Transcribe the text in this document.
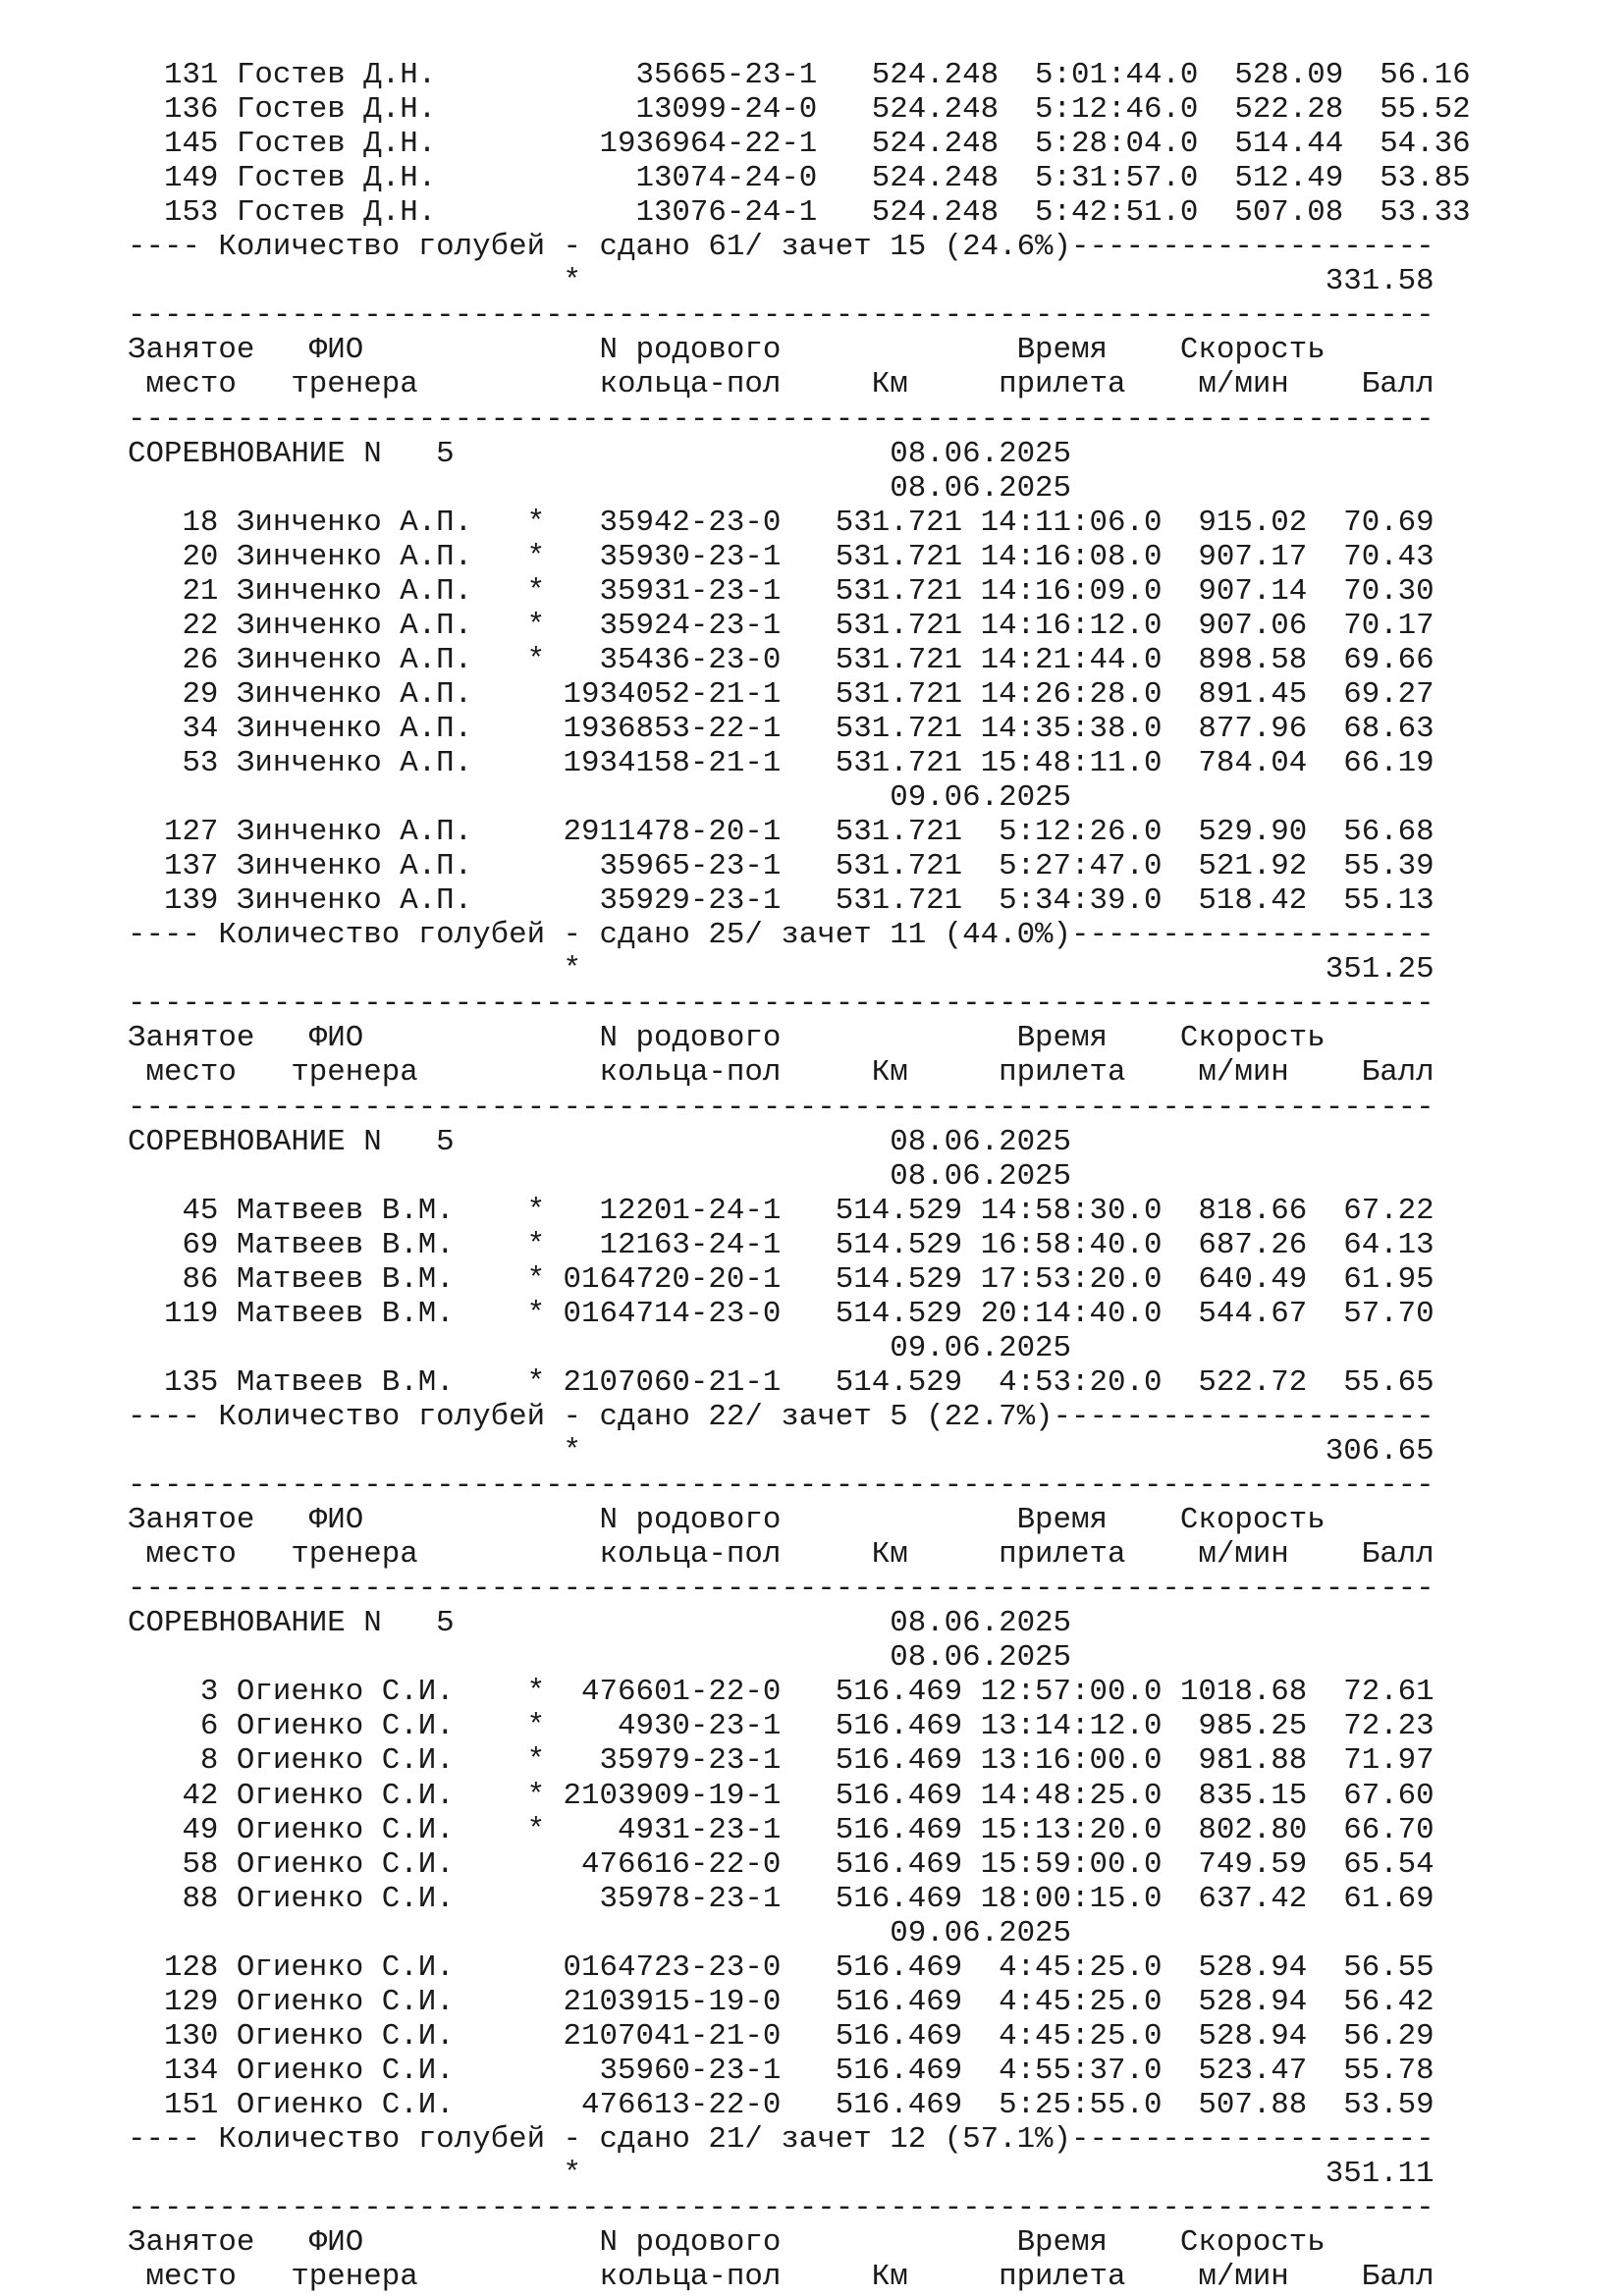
131 Гостев Д.Н.           35665-23-1   524.248  5:01:44.0  528.09  56.16
136 Гостев Д.Н.           13099-24-0   524.248  5:12:46.0  522.28  55.52
145 Гостев Д.Н.         1936964-22-1   524.248  5:28:04.0  514.44  54.36
149 Гостев Д.Н.           13074-24-0   524.248  5:31:57.0  512.49  53.85
153 Гостев Д.Н.           13076-24-1   524.248  5:42:51.0  507.08  53.33
---- Количество голубей - сдано 61/ зачет 15 (24.6%)--------------------
*                                         331.58
------------------------------------------------------------------------
Занятое   ФИО             N родового             Время    Скорость
место   тренера          кольца-пол     Км     прилета    м/мин    Балл
------------------------------------------------------------------------
СОРЕВНОВАНИЕ N   5                        08.06.2025
08.06.2025
18 Зинченко А.П.   *   35942-23-0   531.721 14:11:06.0  915.02  70.69
20 Зинченко А.П.   *   35930-23-1   531.721 14:16:08.0  907.17  70.43
21 Зинченко А.П.   *   35931-23-1   531.721 14:16:09.0  907.14  70.30
22 Зинченко А.П.   *   35924-23-1   531.721 14:16:12.0  907.06  70.17
26 Зинченко А.П.   *   35436-23-0   531.721 14:21:44.0  898.58  69.66
29 Зинченко А.П.     1934052-21-1   531.721 14:26:28.0  891.45  69.27
34 Зинченко А.П.     1936853-22-1   531.721 14:35:38.0  877.96  68.63
53 Зинченко А.П.     1934158-21-1   531.721 15:48:11.0  784.04  66.19
09.06.2025
127 Зинченко А.П.     2911478-20-1   531.721  5:12:26.0  529.90  56.68
137 Зинченко А.П.       35965-23-1   531.721  5:27:47.0  521.92  55.39
139 Зинченко А.П.       35929-23-1   531.721  5:34:39.0  518.42  55.13
---- Количество голубей - сдано 25/ зачет 11 (44.0%)--------------------
*                                         351.25
------------------------------------------------------------------------
Занятое   ФИО             N родового             Время    Скорость
место   тренера          кольца-пол     Км     прилета    м/мин    Балл
------------------------------------------------------------------------
СОРЕВНОВАНИЕ N   5                        08.06.2025
08.06.2025
45 Матвеев В.М.    *   12201-24-1   514.529 14:58:30.0  818.66  67.22
69 Матвеев В.М.    *   12163-24-1   514.529 16:58:40.0  687.26  64.13
86 Матвеев В.М.    * 0164720-20-1   514.529 17:53:20.0  640.49  61.95
119 Матвеев В.М.    * 0164714-23-0   514.529 20:14:40.0  544.67  57.70
09.06.2025
135 Матвеев В.М.    * 2107060-21-1   514.529  4:53:20.0  522.72  55.65
---- Количество голубей - сдано 22/ зачет 5 (22.7%)---------------------
*                                         306.65
------------------------------------------------------------------------
Занятое   ФИО             N родового             Время    Скорость
место   тренера          кольца-пол     Км     прилета    м/мин    Балл
------------------------------------------------------------------------
СОРЕВНОВАНИЕ N   5                        08.06.2025
08.06.2025
3 Огиенко С.И.    *  476601-22-0   516.469 12:57:00.0 1018.68  72.61
6 Огиенко С.И.    *    4930-23-1   516.469 13:14:12.0  985.25  72.23
8 Огиенко С.И.    *   35979-23-1   516.469 13:16:00.0  981.88  71.97
42 Огиенко С.И.    * 2103909-19-1   516.469 14:48:25.0  835.15  67.60
49 Огиенко С.И.    *    4931-23-1   516.469 15:13:20.0  802.80  66.70
58 Огиенко С.И.       476616-22-0   516.469 15:59:00.0  749.59  65.54
88 Огиенко С.И.        35978-23-1   516.469 18:00:15.0  637.42  61.69
09.06.2025
128 Огиенко С.И.      0164723-23-0   516.469  4:45:25.0  528.94  56.55
129 Огиенко С.И.      2103915-19-0   516.469  4:45:25.0  528.94  56.42
130 Огиенко С.И.      2107041-21-0   516.469  4:45:25.0  528.94  56.29
134 Огиенко С.И.        35960-23-1   516.469  4:55:37.0  523.47  55.78
151 Огиенко С.И.       476613-22-0   516.469  5:25:55.0  507.88  53.59
---- Количество голубей - сдано 21/ зачет 12 (57.1%)--------------------
*                                         351.11
------------------------------------------------------------------------
Занятое   ФИО             N родового             Время    Скорость
место   тренера          кольца-пол     Км     прилета    м/мин    Балл
